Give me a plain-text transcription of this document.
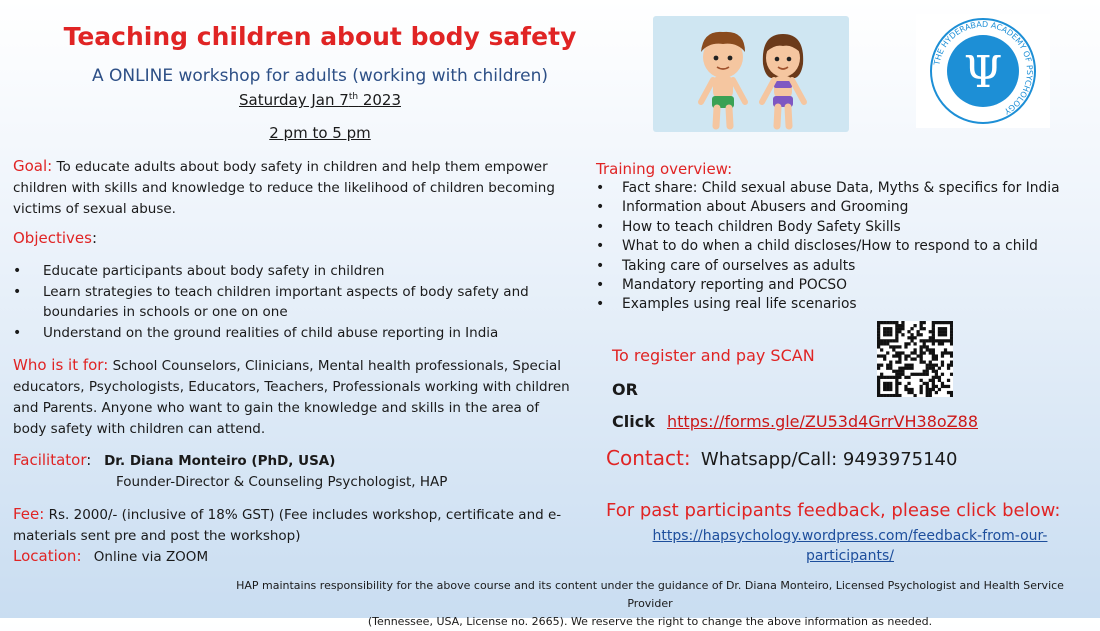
Teaching children about body safety
A ONLINE workshop for adults (working with children)
Saturday Jan 7th 2023
2 pm to 5 pm
Goal: To educate adults about body safety in children and help them empower children with skills and knowledge to reduce the likelihood of children becoming victims of sexual abuse.
Objectives:
• Educate participants about body safety in children
• Learn strategies to teach children important aspects of body safety and boundaries in schools or one on one
• Understand on the ground realities of child abuse reporting in India
Who is it for: School Counselors, Clinicians, Mental health professionals, Special educators, Psychologists, Educators, Teachers, Professionals working with children and Parents. Anyone who want to gain the knowledge and skills in the area of body safety with children can attend.
Facilitator: Dr. Diana Monteiro (PhD, USA)
Founder-Director & Counseling Psychologist, HAP
Fee: Rs. 2000/- (inclusive of 18% GST) (Fee includes workshop, certificate and e-materials sent pre and post the workshop)
Location: Online via ZOOM
THE HYDERABAD ACADEMY OF PSYCHOLOGY
Ψ
Training overview:
• Fact share: Child sexual abuse Data, Myths & specifics for India
• Information about Abusers and Grooming
• How to teach children Body Safety Skills
• What to do when a child discloses/How to respond to a child
• Taking care of ourselves as adults
• Mandatory reporting and POCSO
• Examples using real life scenarios
To register and pay SCAN
OR
Click https://forms.gle/ZU53d4GrrVH38oZ88
Contact: Whatsapp/Call: 9493975140
For past participants feedback, please click below:
https://hapsychology.wordpress.com/feedback-from-our-
participants/
HAP maintains responsibility for the above course and its content under the guidance of Dr. Diana Monteiro, Licensed Psychologist and Health Service Provider
(Tennessee, USA, License no. 2665). We reserve the right to change the above information as needed.
